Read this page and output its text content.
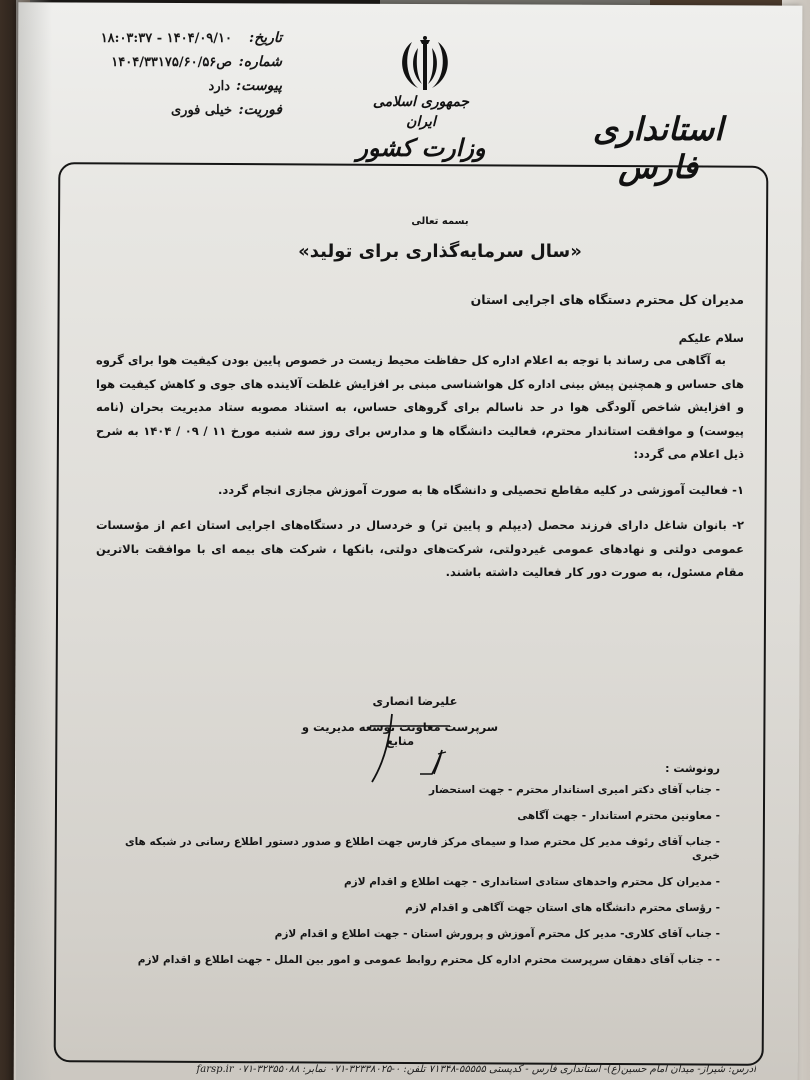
تاریخ:
۱۴۰۴/۰۹/۱۰ - ۱۸:۰۳:۳۷
شماره:
ص۱۴۰۴/۳۳۱۷۵/۶۰/۵۶
پیوست:
دارد
فوریت:
خیلی فوری
جمهوری اسلامی ایران
وزارت کشور	استانداری فارس
بسمه تعالی
«سال سرمایه‌گذاری برای تولید»
مدیران کل محترم دستگاه های اجرایی استان
سلام علیکم
به آگاهی می رساند با توجه به اعلام اداره کل حفاظت محیط زیست در خصوص پایین بودن کیفیت هوا برای گروه های حساس و همچنین پیش بینی اداره کل هواشناسی مبنی بر افزایش غلظت آلاینده های جوی و کاهش کیفیت هوا و افزایش شاخص آلودگی هوا در حد ناسالم برای گروهای حساس، به استناد مصوبه ستاد مدیریت بحران (نامه پیوست) و موافقت استاندار محترم، فعالیت دانشگاه ها و مدارس برای روز سه شنبه مورخ ۱۱ / ۰۹ / ۱۴۰۴ به شرح ذیل اعلام می گردد:
۱- فعالیت آموزشی در کلیه مقاطع تحصیلی و دانشگاه ها به صورت آموزش مجازی انجام گردد.
۲- بانوان شاغل دارای فرزند محصل (دیپلم و پایین تر) و خردسال در دستگاه‌های اجرایی استان اعم از مؤسسات عمومی دولتی و نهادهای عمومی غیردولتی، شرکت‌های دولتی، بانکها ، شرکت های بیمه ای با موافقت بالاترین مقام مسئول، به صورت دور کار فعالیت داشته باشند.
علیرضا انصاری
سرپرست معاونت توسعه مدیریت و منابع
رونوشت :
- جناب آقای دکتر امیری استاندار محترم - جهت استحضار
- معاونین محترم استاندار - جهت آگاهی
- جناب آقای رئوف مدیر کل محترم صدا و سیمای مرکز فارس جهت اطلاع و صدور دستور اطلاع رسانی در شبکه های خبری
- مدیران کل محترم واحدهای ستادی استانداری - جهت اطلاع و اقدام لازم
- رؤسای محترم دانشگاه های استان جهت آگاهی و اقدام لازم
- جناب آقای کلاری- مدیر کل محترم آموزش و پرورش استان - جهت اطلاع و اقدام لازم
- - جناب آقای دهقان سرپرست محترم اداره کل محترم روابط عمومی و امور بین الملل - جهت اطلاع و اقدام لازم
آدرس: شیراز- میدان امام حسین(ع)- استانداری فارس - کدپستی ۵۵۵۵۵-۷۱۳۴۸ تلفن: ۰-۳۲۳۳۸۰۲۵-۰۷۱ نمابر: ۳۲۳۵۵۰۸۸-۰۷۱ farsp.ir
